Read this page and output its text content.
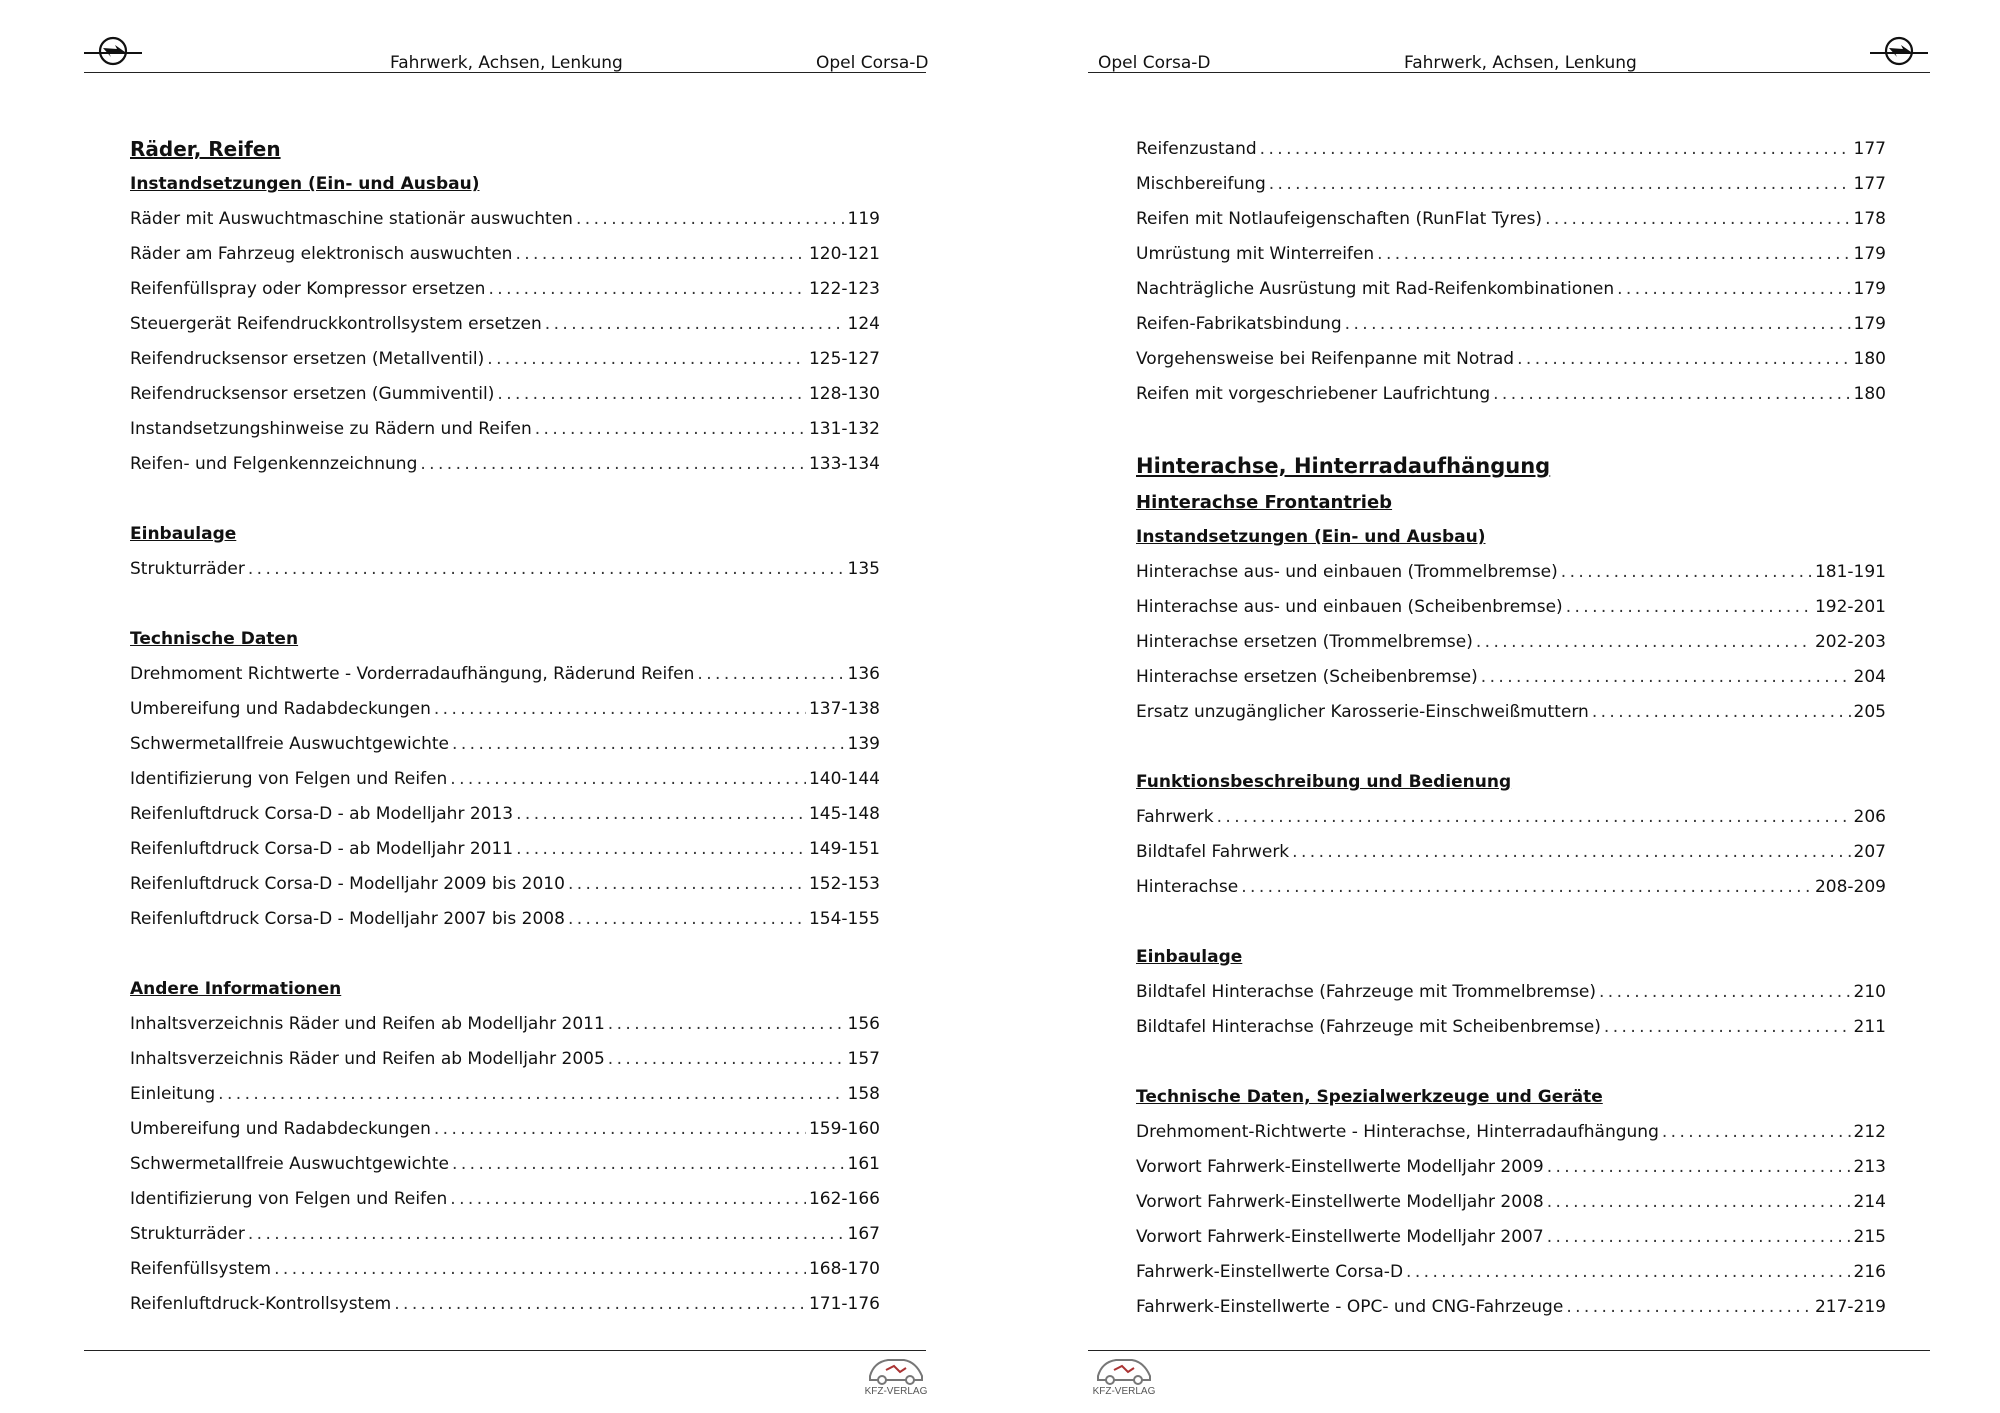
Fahrwerk, Achsen, Lenkung	Opel Corsa-D
Räder, Reifen
Instandsetzungen (Ein- und Ausbau)
Räder mit Auswuchtmaschine stationär auswuchten . . .	119
Räder am Fahrzeug elektronisch auswuchten . . .	120-121
Reifenfüllspray oder Kompressor ersetzen . . .	122-123
Steuergerät Reifendruckkontrollsystem ersetzen . . .	124
Reifendrucksensor ersetzen (Metallventil) . . .	125-127
Reifendrucksensor ersetzen (Gummiventil) . . .	128-130
Instandsetzungshinweise zu Rädern und Reifen . . .	131-132
Reifen- und Felgenkennzeichnung . . .	133-134
Einbaulage
Strukturräder . . .	135
Technische Daten
Drehmoment Richtwerte - Vorderradaufhängung, Räderund Reifen . . .	136
Umbereifung und Radabdeckungen . . .	137-138
Schwermetallfreie Auswuchtgewichte . . .	139
Identifizierung von Felgen und Reifen . . .	140-144
Reifenluftdruck Corsa-D - ab Modelljahr 2013 . . .	145-148
Reifenluftdruck Corsa-D - ab Modelljahr 2011 . . .	149-151
Reifenluftdruck Corsa-D - Modelljahr 2009 bis 2010 . . .	152-153
Reifenluftdruck Corsa-D - Modelljahr 2007 bis 2008 . . .	154-155
Andere Informationen
Inhaltsverzeichnis Räder und Reifen ab Modelljahr 2011 . . .	156
Inhaltsverzeichnis Räder und Reifen ab Modelljahr 2005 . . .	157
Einleitung . . .	158
Umbereifung und Radabdeckungen . . .	159-160
Schwermetallfreie Auswuchtgewichte . . .	161
Identifizierung von Felgen und Reifen . . .	162-166
Strukturräder . . .	167
Reifenfüllsystem . . .	168-170
Reifenluftdruck-Kontrollsystem . . .	171-176
KFZ-VERLAG
Opel Corsa-D	Fahrwerk, Achsen, Lenkung
Reifenzustand . . .	177
Mischbereifung . . .	177
Reifen mit Notlaufeigenschaften (RunFlat Tyres) . . .	178
Umrüstung mit Winterreifen . . .	179
Nachträgliche Ausrüstung mit Rad-Reifenkombinationen . . .	179
Reifen-Fabrikatsbindung . . .	179
Vorgehensweise bei Reifenpanne mit Notrad . . .	180
Reifen mit vorgeschriebener Laufrichtung . . .	180
Hinterachse, Hinterradaufhängung
Hinterachse Frontantrieb
Instandsetzungen (Ein- und Ausbau)
Hinterachse aus- und einbauen (Trommelbremse) . . .	181-191
Hinterachse aus- und einbauen (Scheibenbremse) . . .	192-201
Hinterachse ersetzen (Trommelbremse) . . .	202-203
Hinterachse ersetzen (Scheibenbremse) . . .	204
Ersatz unzugänglicher Karosserie-Einschweißmuttern . . .	205
Funktionsbeschreibung und Bedienung
Fahrwerk . . .	206
Bildtafel Fahrwerk . . .	207
Hinterachse . . .	208-209
Einbaulage
Bildtafel Hinterachse (Fahrzeuge mit Trommelbremse) . . .	210
Bildtafel Hinterachse (Fahrzeuge mit Scheibenbremse) . . .	211
Technische Daten, Spezialwerkzeuge und Geräte
Drehmoment-Richtwerte - Hinterachse, Hinterradaufhängung . . .	212
Vorwort Fahrwerk-Einstellwerte Modelljahr 2009 . . .	213
Vorwort Fahrwerk-Einstellwerte Modelljahr 2008 . . .	214
Vorwort Fahrwerk-Einstellwerte Modelljahr 2007 . . .	215
Fahrwerk-Einstellwerte Corsa-D . . .	216
Fahrwerk-Einstellwerte - OPC- und CNG-Fahrzeuge . . .	217-219
KFZ-VERLAG
